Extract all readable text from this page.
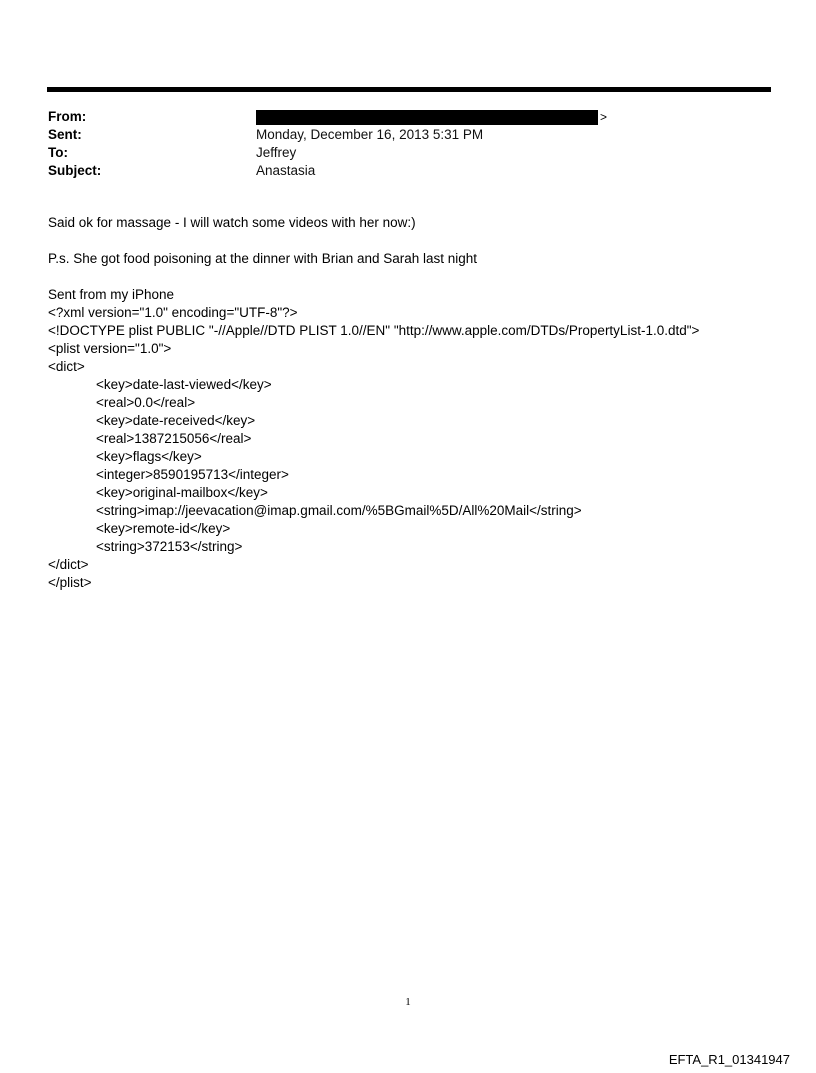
From:	>
Sent:	Monday, December 16, 2013 5:31 PM
To:	Jeffrey
Subject:	Anastasia

Said ok for massage - I will watch some videos with her now:)

P.s. She got food poisoning at the dinner with Brian and Sarah last night

Sent from my iPhone

<?xml version="1.0" encoding="UTF-8"?>

<!DOCTYPE plist PUBLIC "-//Apple//DTD PLIST 1.0//EN" "http://www.apple.com/DTDs/PropertyList-1.0.dtd">

<plist version="1.0">

<dict>

<key>date-last-viewed</key>

<real>0.0</real>

<key>date-received</key>

<real>1387215056</real>

<key>flags</key>

<integer>8590195713</integer>

<key>original-mailbox</key>

<string>imap://jeevacation@imap.gmail.com/%5BGmail%5D/All%20Mail</string>

<key>remote-id</key>

<string>372153</string>

</dict>

</plist>

1
EFTA_R1_01341947
